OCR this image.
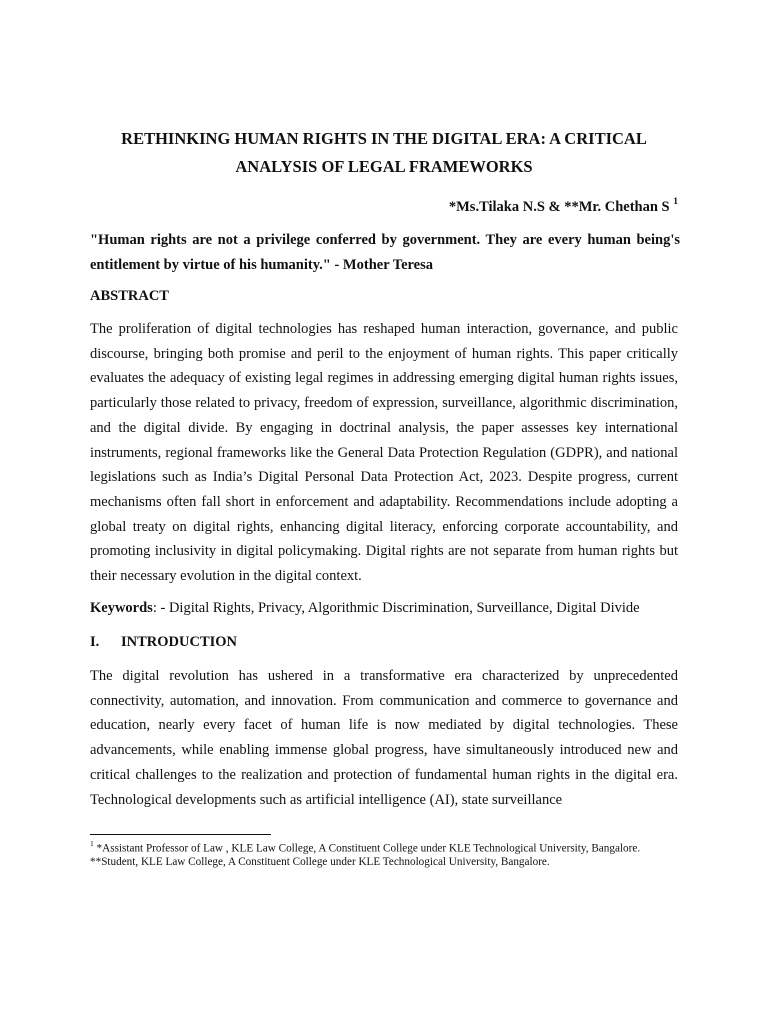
RETHINKING HUMAN RIGHTS IN THE DIGITAL ERA: A CRITICAL ANALYSIS OF LEGAL FRAMEWORKS
*Ms.Tilaka N.S & **Mr. Chethan S $^1$

"Human rights are not a privilege conferred by government. They are every human being's entitlement by virtue of his humanity." - Mother Teresa

ABSTRACT

The proliferation of digital technologies has reshaped human interaction, governance, and public discourse, bringing both promise and peril to the enjoyment of human rights. This paper critically evaluates the adequacy of existing legal regimes in addressing emerging digital human rights issues, particularly those related to privacy, freedom of expression, surveillance, algorithmic discrimination, and the digital divide. By engaging in doctrinal analysis, the paper assesses key international instruments, regional frameworks like the General Data Protection Regulation (GDPR), and national legislations such as India’s Digital Personal Data Protection Act, 2023. Despite progress, current mechanisms often fall short in enforcement and adaptability. Recommendations include adopting a global treaty on digital rights, enhancing digital literacy, enforcing corporate accountability, and promoting inclusivity in digital policymaking. Digital rights are not separate from human rights but their necessary evolution in the digital context.

Keywords: - Digital Rights, Privacy, Algorithmic Discrimination, Surveillance, Digital Divide

I. INTRODUCTION

The digital revolution has ushered in a transformative era characterized by unprecedented connectivity, automation, and innovation. From communication and commerce to governance and education, nearly every facet of human life is now mediated by digital technologies. These advancements, while enabling immense global progress, have simultaneously introduced new and critical challenges to the realization and protection of fundamental human rights in the digital era. Technological developments such as artificial intelligence (AI), state surveillance

$^1$ *Assistant Professor of Law , KLE Law College, A Constituent College under KLE Technological University, Bangalore.

**Student, KLE Law College, A Constituent College under KLE Technological University, Bangalore.
